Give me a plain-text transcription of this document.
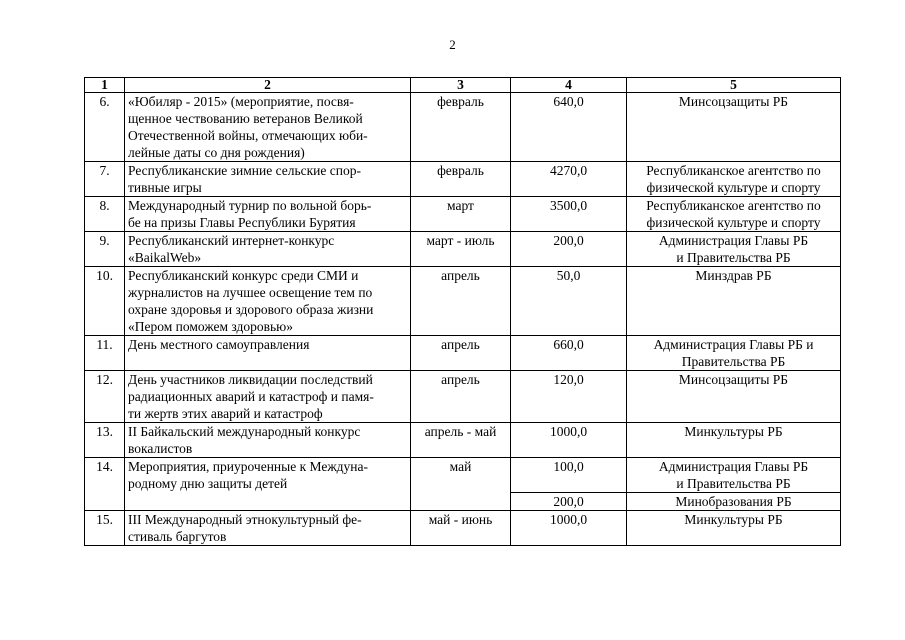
2
1	2	3	4	5
6.	«Юбиляр - 2015» (мероприятие, посвя-
щенное чествованию ветеранов Великой
Отечественной войны, отмечающих юби-
лейные даты со дня рождения)	февраль	640,0	Минсоцзащиты РБ
7.	Республиканские зимние сельские спор-
тивные игры	февраль	4270,0	Республиканское агентство по
физической культуре и спорту
8.	Международный турнир по вольной борь-
бе на призы Главы Республики Бурятия	март	3500,0	Республиканское агентство по
физической культуре и спорту
9.	Республиканский интернет-конкурс
«BaikalWeb»	март - июль	200,0	Администрация Главы РБ
и Правительства РБ
10.	Республиканский конкурс среди СМИ и
журналистов на лучшее освещение тем по
охране здоровья и здорового образа жизни
«Пером поможем здоровью»	апрель	50,0	Минздрав РБ
11.	День местного самоуправления	апрель	660,0	Администрация Главы РБ и
Правительства РБ
12.	День участников ликвидации последствий
радиационных аварий и катастроф и памя-
ти жертв этих аварий и катастроф	апрель	120,0	Минсоцзащиты РБ
13.	II Байкальский международный конкурс
вокалистов	апрель - май	1000,0	Минкультуры РБ
14.	Мероприятия, приуроченные к Междуна-
родному дню защиты детей	май	100,0	Администрация Главы РБ
и Правительства РБ
			200,0	Минобразования РБ
15.	III Международный этнокультурный фе-
стиваль баргутов	май - июнь	1000,0	Минкультуры РБ
